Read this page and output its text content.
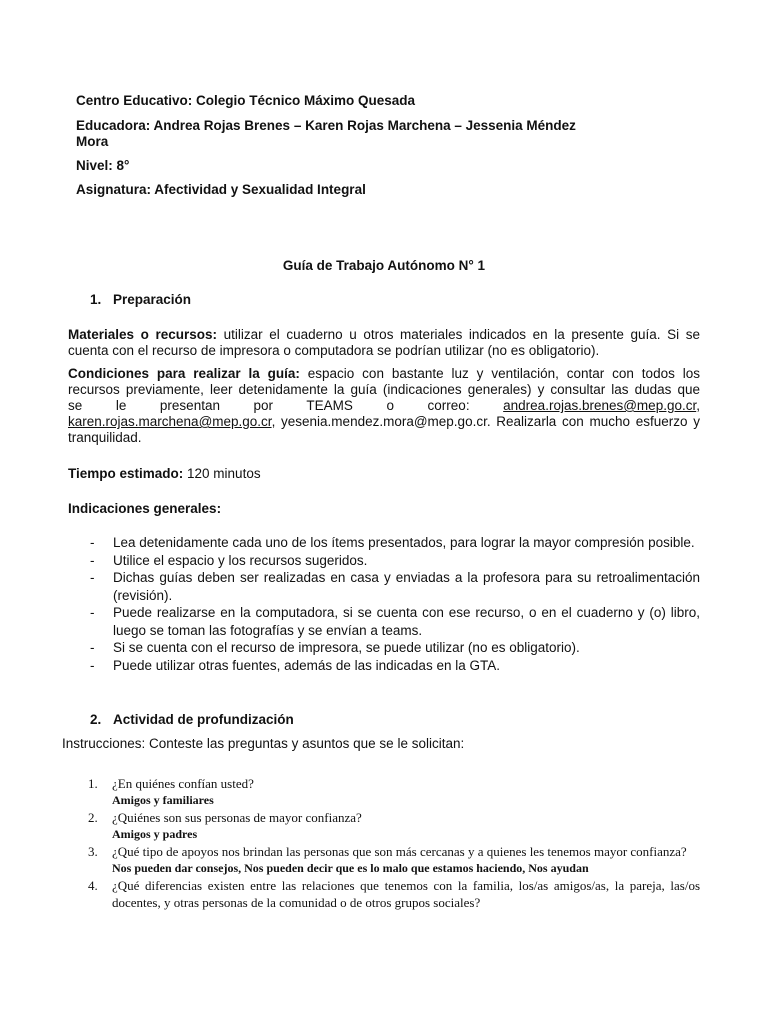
Centro Educativo: Colegio Técnico Máximo Quesada
Educadora: Andrea Rojas Brenes – Karen Rojas Marchena – Jessenia Méndez Mora
Nivel: 8°
Asignatura: Afectividad y Sexualidad Integral
Guía de Trabajo Autónomo N° 1
1. Preparación
Materiales o recursos: utilizar el cuaderno u otros materiales indicados en la presente guía. Si se cuenta con el recurso de impresora o computadora se podrían utilizar (no es obligatorio).
Condiciones para realizar la guía: espacio con bastante luz y ventilación, contar con todos los
recursos previamente, leer detenidamente la guía (indicaciones generales) y consultar las dudas que
se le presentan por TEAMS o correo: andrea.rojas.brenes@mep.go.cr,
karen.rojas.marchena@mep.go.cr, yesenia.mendez.mora@mep.go.cr. Realizarla con mucho esfuerzo y tranquilidad.
Tiempo estimado: 120 minutos
Indicaciones generales:
- Lea detenidamente cada uno de los ítems presentados, para lograr la mayor compresión posible.
- Utilice el espacio y los recursos sugeridos.
- Dichas guías deben ser realizadas en casa y enviadas a la profesora para su retroalimentación (revisión).
- Puede realizarse en la computadora, si se cuenta con ese recurso, o en el cuaderno y (o) libro, luego se toman las fotografías y se envían a teams.
- Si se cuenta con el recurso de impresora, se puede utilizar (no es obligatorio).
- Puede utilizar otras fuentes, además de las indicadas en la GTA.
2. Actividad de profundización
Instrucciones: Conteste las preguntas y asuntos que se le solicitan:
1. ¿En quiénes confían usted?
Amigos y familiares
2. ¿Quiénes son sus personas de mayor confianza?
Amigos y padres
3. ¿Qué tipo de apoyos nos brindan las personas que son más cercanas y a quienes les tenemos mayor confianza?
Nos pueden dar consejos, Nos pueden decir que es lo malo que estamos haciendo, Nos ayudan
4. ¿Qué diferencias existen entre las relaciones que tenemos con la familia, los/as amigos/as, la pareja, las/os docentes, y otras personas de la comunidad o de otros grupos sociales?
